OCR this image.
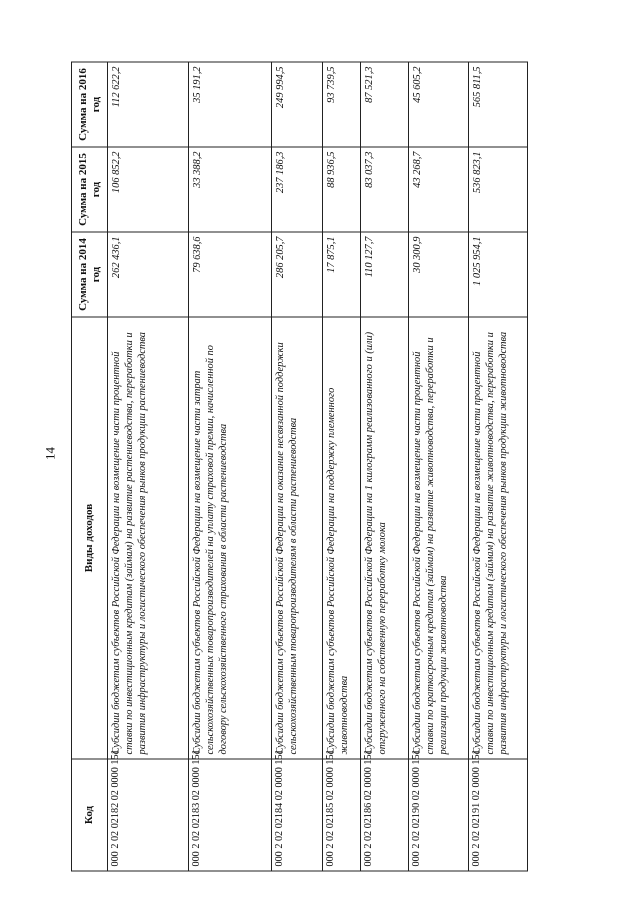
14
Код	Виды доходов	Сумма на 2014 год	Сумма на 2015 год	Сумма на 2016 год
000 2 02 02182 02 0000 151	Субсидии бюджетам субъектов Российской Федерации на возмещение части процентной ставки по инвестиционным кредитам (займам) на развитие растениеводства, переработки и развития инфраструктуры и логистического обеспечения рынков продукции растениеводства	262 436,1	106 852,2	112 622,2
000 2 02 02183 02 0000 151	Субсидии бюджетам субъектов Российской Федерации на возмещение части затрат сельскохозяйственных товаропроизводителей на уплату страховой премии, начисленной по договору сельскохозяйственного страхования в области растениеводства	79 638,6	33 388,2	35 191,2
000 2 02 02184 02 0000 151	Субсидии бюджетам субъектов Российской Федерации на оказание несвязанной поддержки сельскохозяйственным товаропроизводителям в области растениеводства	286 205,7	237 186,3	249 994,5
000 2 02 02185 02 0000 151	Субсидии бюджетам субъектов Российской Федерации на поддержку племенного животноводства	17 875,1	88 936,5	93 739,5
000 2 02 02186 02 0000 151	Субсидии бюджетам субъектов Российской Федерации на 1 килограмм реализованного и (или) отгруженного на собственную переработку молока	110 127,7	83 037,3	87 521,3
000 2 02 02190 02 0000 151	Субсидии бюджетам субъектов Российской Федерации на возмещение части процентной ставки по краткосрочным кредитам (займам) на развитие животноводства, переработки и реализации продукции животноводства	30 300,9	43 268,7	45 605,2
000 2 02 02191 02 0000 151	Субсидии бюджетам субъектов Российской Федерации на возмещение части процентной ставки по инвестиционным кредитам (займам) на развитие животноводства, переработки и развития инфраструктуры и логистического обеспечения рынков продукции животноводства	1 025 954,1	536 823,1	565 811,5
